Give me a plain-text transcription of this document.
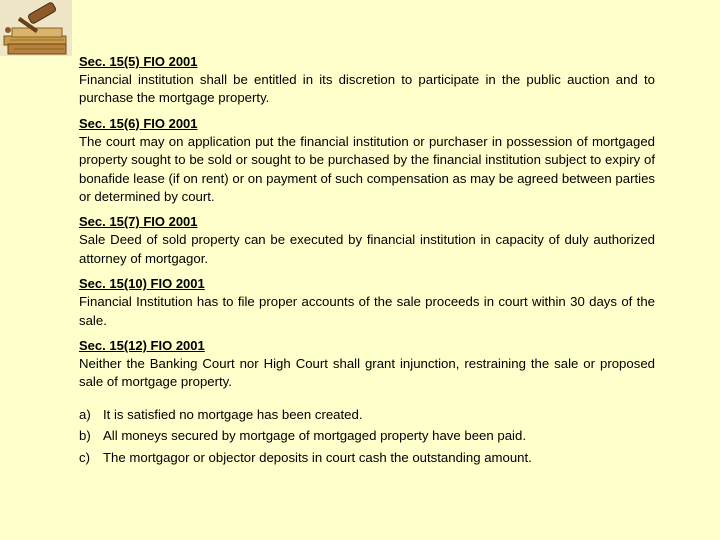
Sec. 15(5) FIO 2001

Financial institution shall be entitled in its discretion to participate in the public auction and to purchase the mortgage property.

Sec. 15(6) FIO 2001

The court may on application put the financial institution or purchaser in possession of mortgaged property sought to be sold or sought to be purchased by the financial institution subject to expiry of bonafide lease (if on rent) or on payment of such compensation as may be agreed between parties or determined by court.

Sec. 15(7) FIO 2001

Sale Deed of sold property can be executed by financial institution in capacity of duly authorized attorney of mortgagor.

Sec. 15(10) FIO 2001

Financial Institution has to file proper accounts of the sale proceeds in court within 30 days of the sale.

Sec. 15(12) FIO 2001

Neither the Banking Court nor High Court shall grant injunction, restraining the sale or proposed sale of mortgage property.

a) It is satisfied no mortgage has been created.
b) All moneys secured by mortgage of mortgaged property have been paid.
c) The mortgagor or objector deposits in court cash the outstanding amount.
